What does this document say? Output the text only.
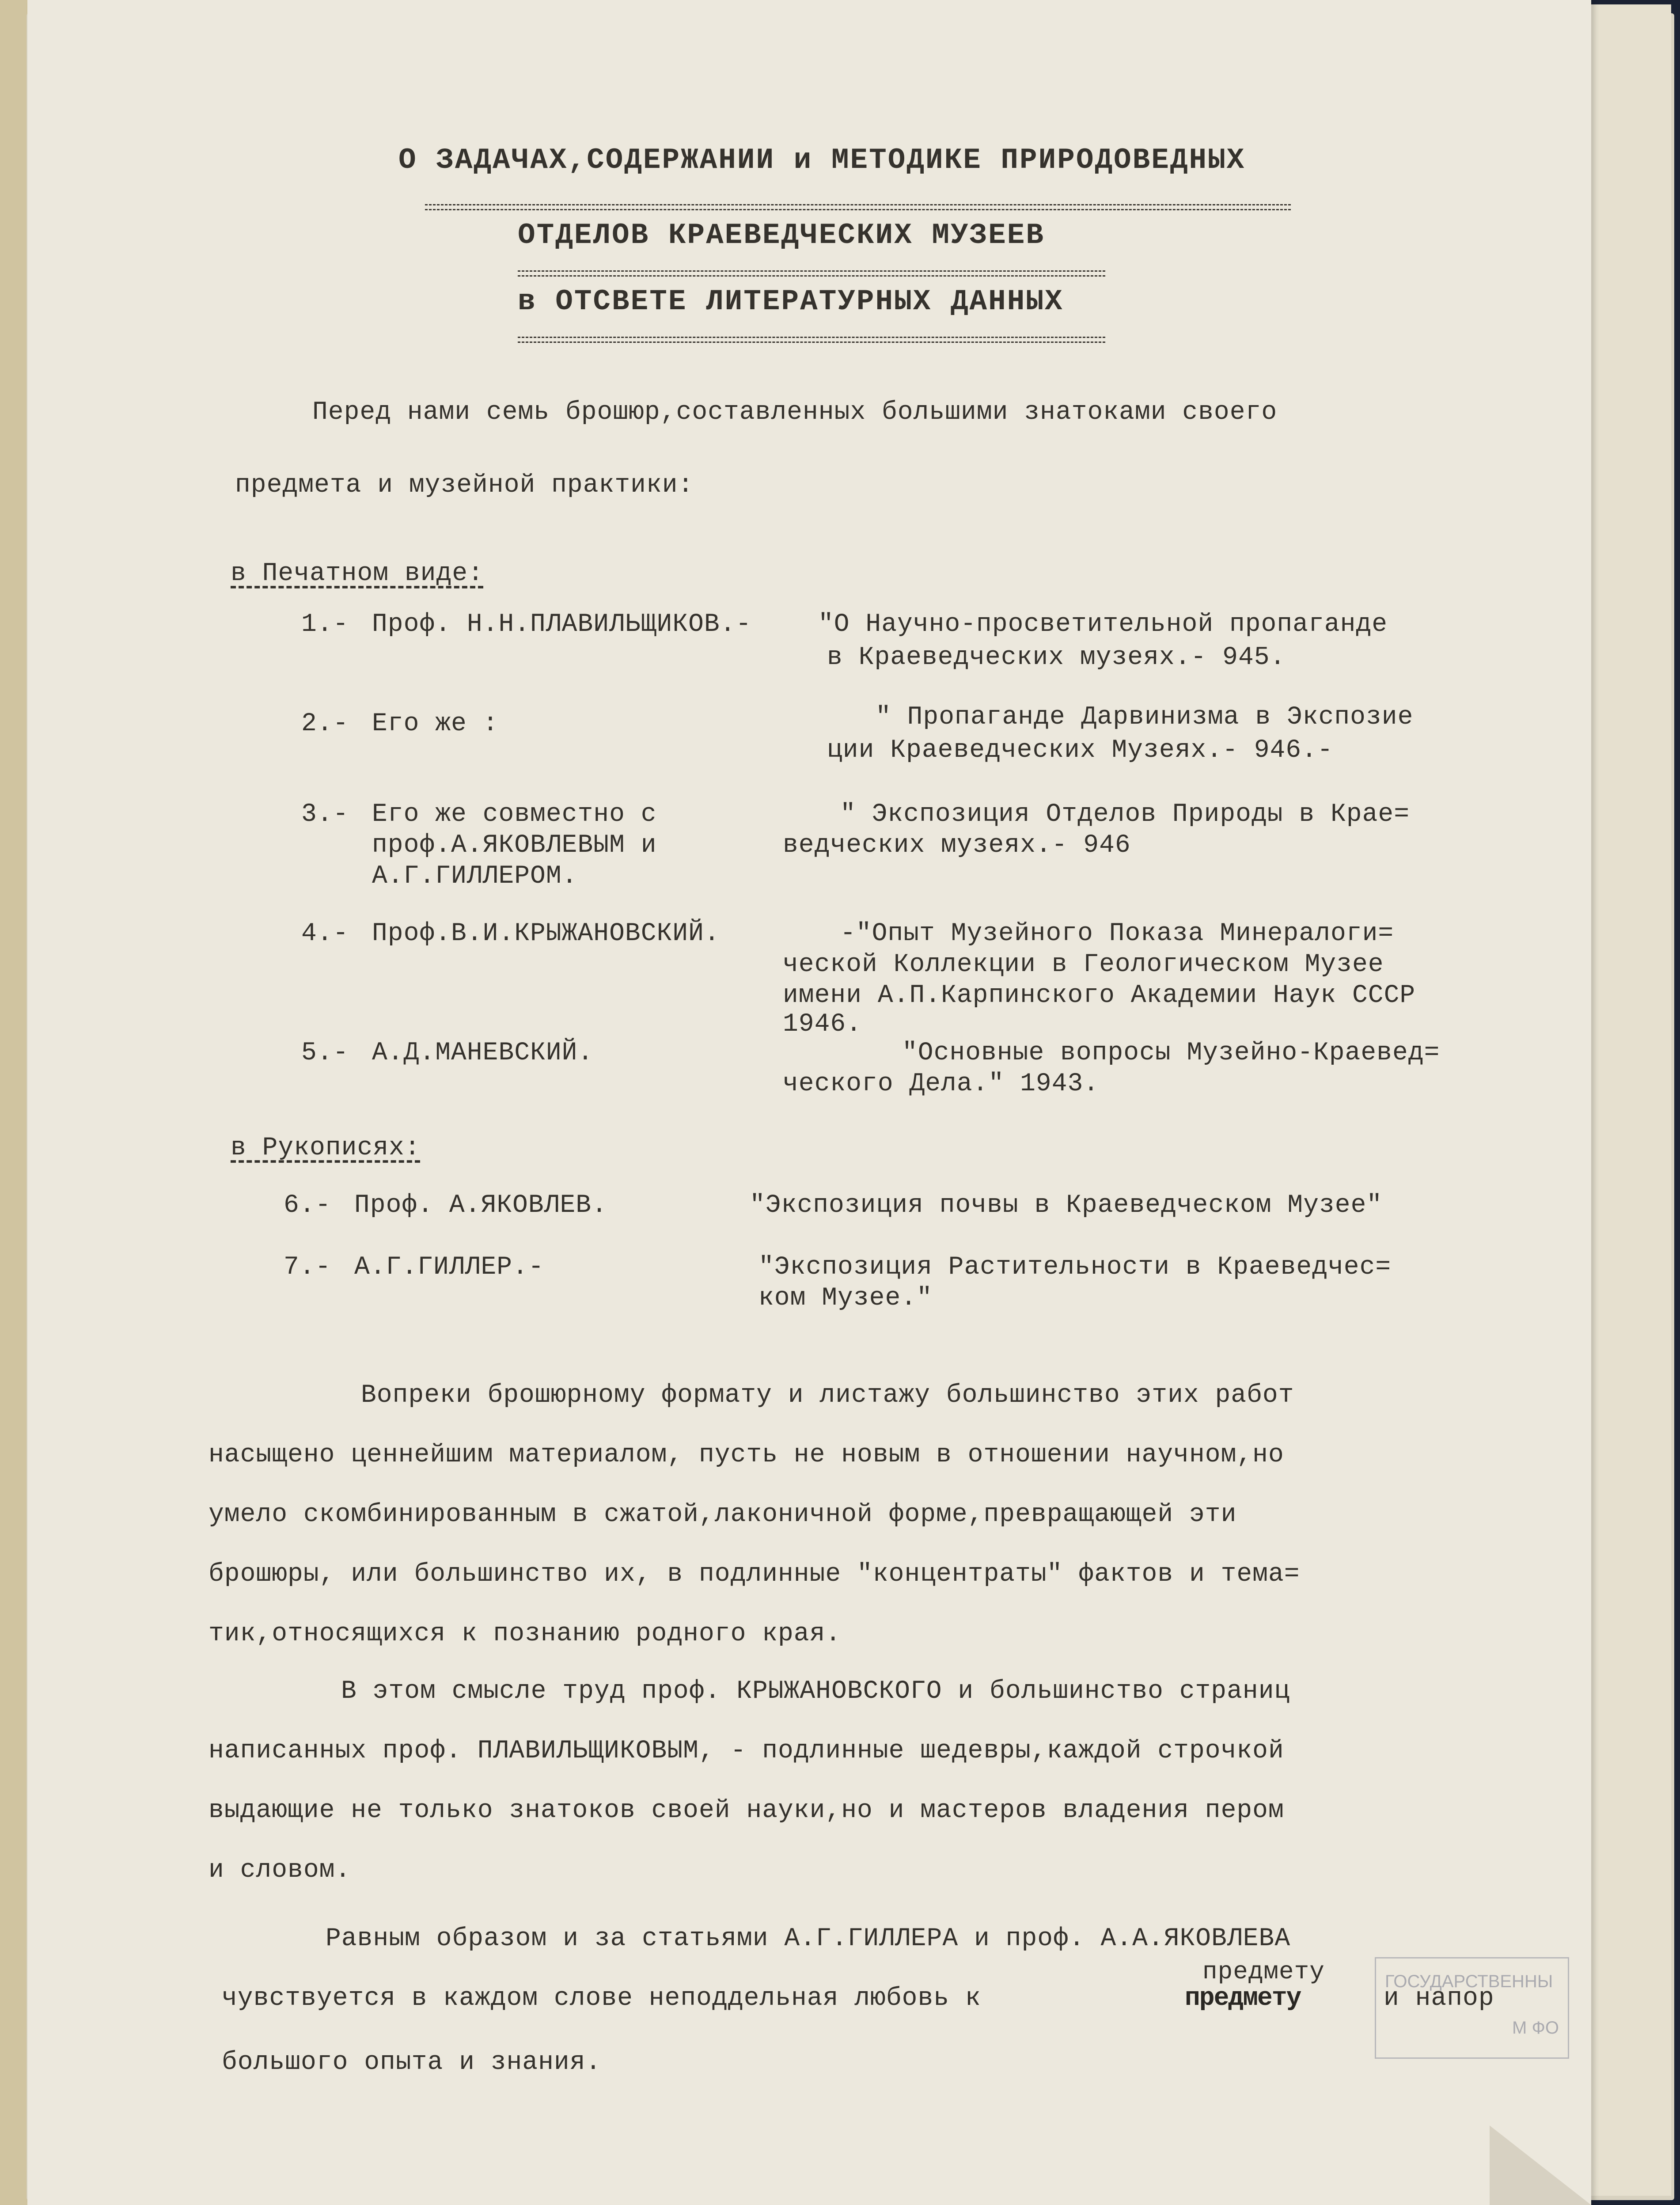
О ЗАДАЧАХ,СОДЕРЖАНИИ и МЕТОДИКЕ ПРИРОДОВЕДНЫХ
ОТДЕЛОВ КРАЕВЕДЧЕСКИХ МУЗЕЕВ
в ОТСВЕТЕ ЛИТЕРАТУРНЫХ ДАННЫХ
Перед нами семь брошюр,составленных большими знатоками своего
предмета и музейной практики:
в Печатном виде:
1.- Проф. Н.Н.ПЛАВИЛЬЩИКОВ.-	"О Научно-просветительной пропаганде
в Краеведческих музеях.- 945.
2.- Его же :	" Пропаганде Дарвинизма в Экспозие
ции Краеведческих Музеях.- 946.-
3.- Его же совместно с
проф.А.ЯКОВЛЕВЫМ и
А.Г.ГИЛЛЕРОМ.
" Экспозиция Отделов Природы в Крае=
ведческих музеях.- 946
4.- Проф.В.И.КРЫЖАНОВСКИЙ.	-"Опыт Музейного Показа Минералоги=
ческой Коллекции в Геологическом Музее
имени А.П.Карпинского Академии Наук СССР
1946.
5.- А.Д.МАНЕВСКИЙ.	"Основные вопросы Музейно-Краевед=
ческого Дела." 1943.
в Рукописях:
6.- Проф. А.ЯКОВЛЕВ.	"Экспозиция почвы в Краеведческом Музее"
7.- А.Г.ГИЛЛЕР.-	"Экспозиция Растительности в Краеведчес=
ком Музее."
Вопреки брошюрному формату и листажу большинство этих работ
насыщено ценнейшим материалом, пусть не новым в отношении научном,но
умело скомбинированным в сжатой,лаконичной форме,превращающей эти
брошюры, или большинство их, в подлинные "концентраты" фактов и тема=
тик,относящихся к познанию родного края.
В этом смысле труд проф. КРЫЖАНОВСКОГО и большинство страниц
написанных проф. ПЛАВИЛЬЩИКОВЫМ, - подлинные шедевры,каждой строчкой
выдающие не только знатоков своей науки,но и мастеров владения пером
и словом.
Равным образом и за статьями А.Г.ГИЛЛЕРА и проф. А.А.ЯКОВЛЕВА
предмету
чувствуется в каждом слове неподдельная любовь к	предмету	и напор
большого опыта и знания.
ГОСУДАРСТВЕННЫ
М ФО
